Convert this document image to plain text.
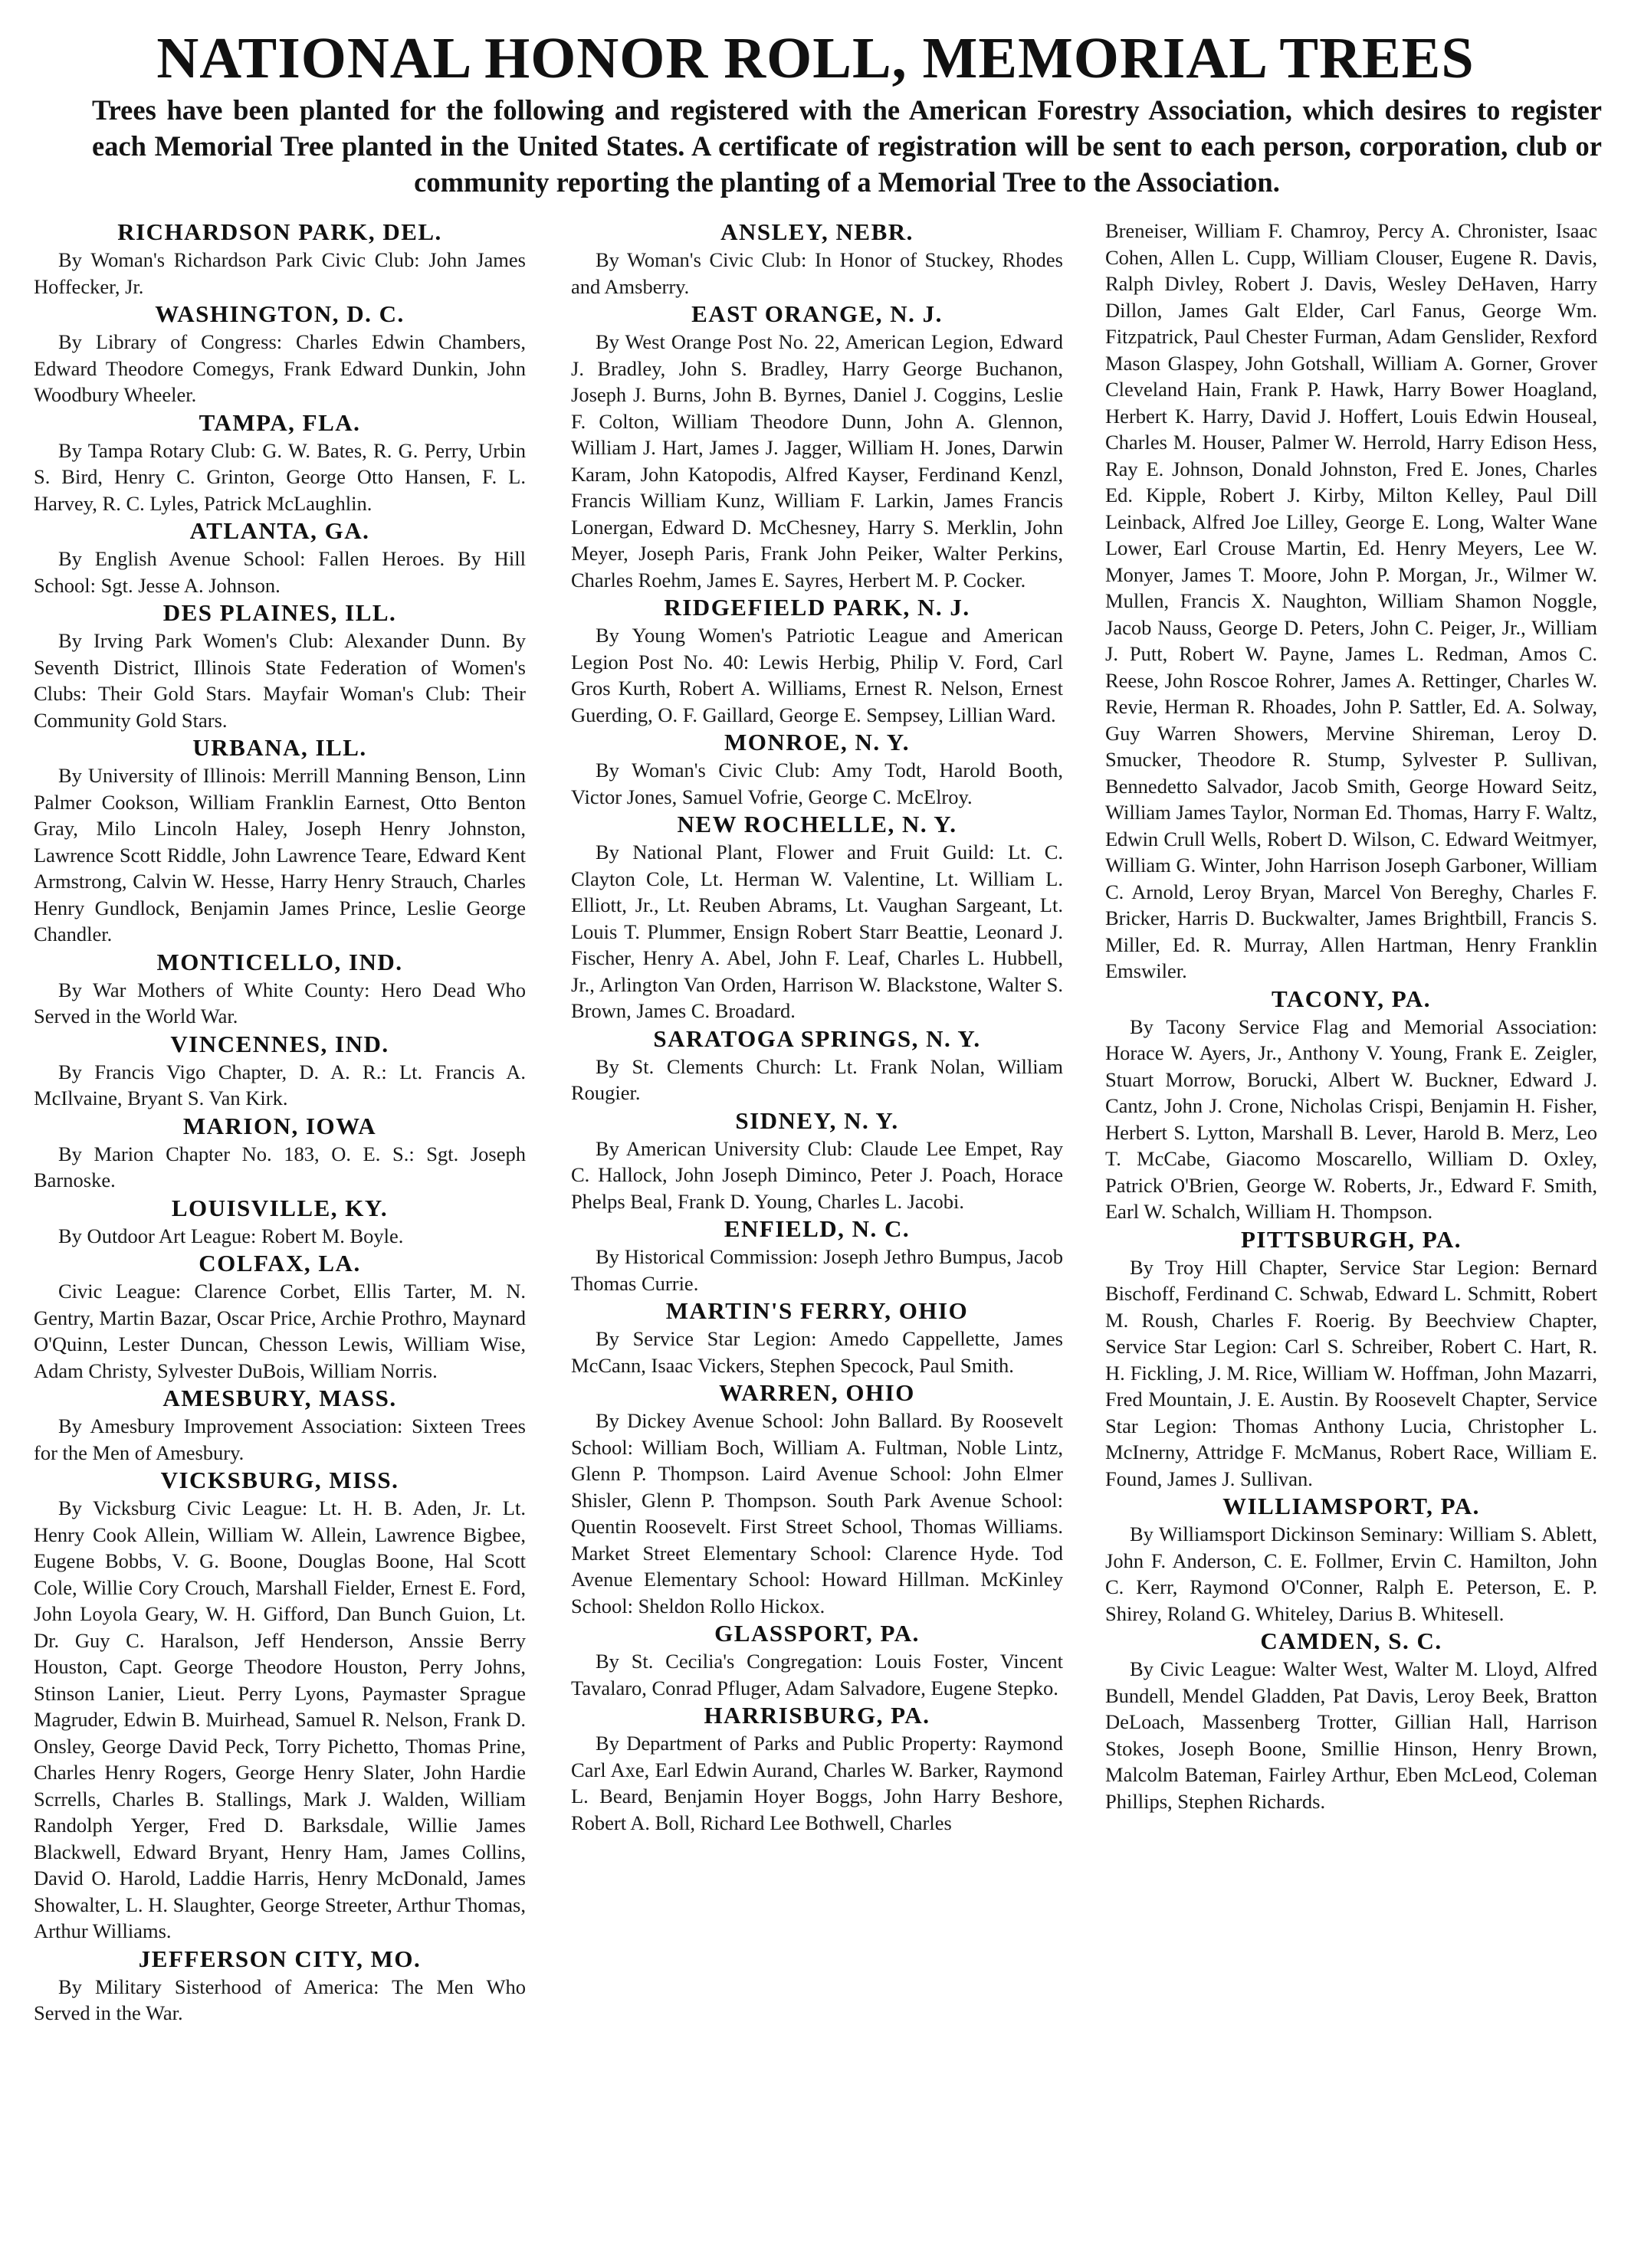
NATIONAL HONOR ROLL, MEMORIAL TREES
Trees have been planted for the following and registered with the American Forestry Association, which desires to register each Memorial Tree planted in the United States. A certificate of registration will be sent to each person, corporation, club or community reporting the planting of a Memorial Tree to the Association.
RICHARDSON PARK, DEL.

By Woman's Richardson Park Civic Club: John James Hoffecker, Jr.

WASHINGTON, D. C.

By Library of Congress: Charles Edwin Chambers, Edward Theodore Comegys, Frank Edward Dunkin, John Woodbury Wheeler.

TAMPA, FLA.

By Tampa Rotary Club: G. W. Bates, R. G. Perry, Urbin S. Bird, Henry C. Grinton, George Otto Hansen, F. L. Harvey, R. C. Lyles, Patrick McLaughlin.

ATLANTA, GA.

By English Avenue School: Fallen Heroes. By Hill School: Sgt. Jesse A. Johnson.

DES PLAINES, ILL.

By Irving Park Women's Club: Alexander Dunn. By Seventh District, Illinois State Federation of Women's Clubs: Their Gold Stars. Mayfair Woman's Club: Their Community Gold Stars.

URBANA, ILL.

By University of Illinois: Merrill Manning Benson, Linn Palmer Cookson, William Franklin Earnest, Otto Benton Gray, Milo Lincoln Haley, Joseph Henry Johnston, Lawrence Scott Riddle, John Lawrence Teare, Edward Kent Armstrong, Calvin W. Hesse, Harry Henry Strauch, Charles Henry Gundlock, Benjamin James Prince, Leslie George Chandler.

MONTICELLO, IND.

By War Mothers of White County: Hero Dead Who Served in the World War.

VINCENNES, IND.

By Francis Vigo Chapter, D. A. R.: Lt. Francis A. McIlvaine, Bryant S. Van Kirk.

MARION, IOWA

By Marion Chapter No. 183, O. E. S.: Sgt. Joseph Barnoske.

LOUISVILLE, KY.

By Outdoor Art League: Robert M. Boyle.

COLFAX, LA.

Civic League: Clarence Corbet, Ellis Tarter, M. N. Gentry, Martin Bazar, Oscar Price, Archie Prothro, Maynard O'Quinn, Lester Duncan, Chesson Lewis, William Wise, Adam Christy, Sylvester DuBois, William Norris.

AMESBURY, MASS.

By Amesbury Improvement Association: Sixteen Trees for the Men of Amesbury.

VICKSBURG, MISS.

By Vicksburg Civic League: Lt. H. B. Aden, Jr. Lt. Henry Cook Allein, William W. Allein, Lawrence Bigbee, Eugene Bobbs, V. G. Boone, Douglas Boone, Hal Scott Cole, Willie Cory Crouch, Marshall Fielder, Ernest E. Ford, John Loyola Geary, W. H. Gifford, Dan Bunch Guion, Lt. Dr. Guy C. Haralson, Jeff Henderson, Anssie Berry Houston, Capt. George Theodore Houston, Perry Johns, Stinson Lanier, Lieut. Perry Lyons, Paymaster Sprague Magruder, Edwin B. Muirhead, Samuel R. Nelson, Frank D. Onsley, George David Peck, Torry Pichetto, Thomas Prine, Charles Henry Rogers, George Henry Slater, John Hardie Scrrells, Charles B. Stallings, Mark J. Walden, William Randolph Yerger, Fred D. Barksdale, Willie James Blackwell, Edward Bryant, Henry Ham, James Collins, David O. Harold, Laddie Harris, Henry McDonald, James Showalter, L. H. Slaughter, George Streeter, Arthur Thomas, Arthur Williams.

JEFFERSON CITY, MO.

By Military Sisterhood of America: The Men Who Served in the War.

ANSLEY, NEBR.

By Woman's Civic Club: In Honor of Stuckey, Rhodes and Amsberry.

EAST ORANGE, N. J.

By West Orange Post No. 22, American Legion, Edward J. Bradley, John S. Bradley, Harry George Buchanon, Joseph J. Burns, John B. Byrnes, Daniel J. Coggins, Leslie F. Colton, William Theodore Dunn, John A. Glennon, William J. Hart, James J. Jagger, William H. Jones, Darwin Karam, John Katopodis, Alfred Kayser, Ferdinand Kenzl, Francis William Kunz, William F. Larkin, James Francis Lonergan, Edward D. McChesney, Harry S. Merklin, John Meyer, Joseph Paris, Frank John Peiker, Walter Perkins, Charles Roehm, James E. Sayres, Herbert M. P. Cocker.

RIDGEFIELD PARK, N. J.

By Young Women's Patriotic League and American Legion Post No. 40: Lewis Herbig, Philip V. Ford, Carl Gros Kurth, Robert A. Williams, Ernest R. Nelson, Ernest Guerding, O. F. Gaillard, George E. Sempsey, Lillian Ward.

MONROE, N. Y.

By Woman's Civic Club: Amy Todt, Harold Booth, Victor Jones, Samuel Vofrie, George C. McElroy.

NEW ROCHELLE, N. Y.

By National Plant, Flower and Fruit Guild: Lt. C. Clayton Cole, Lt. Herman W. Valentine, Lt. William L. Elliott, Jr., Lt. Reuben Abrams, Lt. Vaughan Sargeant, Lt. Louis T. Plummer, Ensign Robert Starr Beattie, Leonard J. Fischer, Henry A. Abel, John F. Leaf, Charles L. Hubbell, Jr., Arlington Van Orden, Harrison W. Blackstone, Walter S. Brown, James C. Broadard.

SARATOGA SPRINGS, N. Y.

By St. Clements Church: Lt. Frank Nolan, William Rougier.

SIDNEY, N. Y.

By American University Club: Claude Lee Empet, Ray C. Hallock, John Joseph Diminco, Peter J. Poach, Horace Phelps Beal, Frank D. Young, Charles L. Jacobi.

ENFIELD, N. C.

By Historical Commission: Joseph Jethro Bumpus, Jacob Thomas Currie.

MARTIN'S FERRY, OHIO

By Service Star Legion: Amedo Cappellette, James McCann, Isaac Vickers, Stephen Specock, Paul Smith.

WARREN, OHIO

By Dickey Avenue School: John Ballard. By Roosevelt School: William Boch, William A. Fultman, Noble Lintz, Glenn P. Thompson. Laird Avenue School: John Elmer Shisler, Glenn P. Thompson. South Park Avenue School: Quentin Roosevelt. First Street School, Thomas Williams. Market Street Elementary School: Clarence Hyde. Tod Avenue Elementary School: Howard Hillman. McKinley School: Sheldon Rollo Hickox.

GLASSPORT, PA.

By St. Cecilia's Congregation: Louis Foster, Vincent Tavalaro, Conrad Pfluger, Adam Salvadore, Eugene Stepko.

HARRISBURG, PA.

By Department of Parks and Public Property: Raymond Carl Axe, Earl Edwin Aurand, Charles W. Barker, Raymond L. Beard, Benjamin Hoyer Boggs, John Harry Beshore, Robert A. Boll, Richard Lee Bothwell, Charles

Breneiser, William F. Chamroy, Percy A. Chronister, Isaac Cohen, Allen L. Cupp, William Clouser, Eugene R. Davis, Ralph Divley, Robert J. Davis, Wesley DeHaven, Harry Dillon, James Galt Elder, Carl Fanus, George Wm. Fitzpatrick, Paul Chester Furman, Adam Genslider, Rexford Mason Glaspey, John Gotshall, William A. Gorner, Grover Cleveland Hain, Frank P. Hawk, Harry Bower Hoagland, Herbert K. Harry, David J. Hoffert, Louis Edwin Houseal, Charles M. Houser, Palmer W. Herrold, Harry Edison Hess, Ray E. Johnson, Donald Johnston, Fred E. Jones, Charles Ed. Kipple, Robert J. Kirby, Milton Kelley, Paul Dill Leinback, Alfred Joe Lilley, George E. Long, Walter Wane Lower, Earl Crouse Martin, Ed. Henry Meyers, Lee W. Monyer, James T. Moore, John P. Morgan, Jr., Wilmer W. Mullen, Francis X. Naughton, William Shamon Noggle, Jacob Nauss, George D. Peters, John C. Peiger, Jr., William J. Putt, Robert W. Payne, James L. Redman, Amos C. Reese, John Roscoe Rohrer, James A. Rettinger, Charles W. Revie, Herman R. Rhoades, John P. Sattler, Ed. A. Solway, Guy Warren Showers, Mervine Shireman, Leroy D. Smucker, Theodore R. Stump, Sylvester P. Sullivan, Bennedetto Salvador, Jacob Smith, George Howard Seitz, William James Taylor, Norman Ed. Thomas, Harry F. Waltz, Edwin Crull Wells, Robert D. Wilson, C. Edward Weitmyer, William G. Winter, John Harrison Joseph Garboner, William C. Arnold, Leroy Bryan, Marcel Von Bereghy, Charles F. Bricker, Harris D. Buckwalter, James Brightbill, Francis S. Miller, Ed. R. Murray, Allen Hartman, Henry Franklin Emswiler.

TACONY, PA.

By Tacony Service Flag and Memorial Association: Horace W. Ayers, Jr., Anthony V. Young, Frank E. Zeigler, Stuart Morrow, Borucki, Albert W. Buckner, Edward J. Cantz, John J. Crone, Nicholas Crispi, Benjamin H. Fisher, Herbert S. Lytton, Marshall B. Lever, Harold B. Merz, Leo T. McCabe, Giacomo Moscarello, William D. Oxley, Patrick O'Brien, George W. Roberts, Jr., Edward F. Smith, Earl W. Schalch, William H. Thompson.

PITTSBURGH, PA.

By Troy Hill Chapter, Service Star Legion: Bernard Bischoff, Ferdinand C. Schwab, Edward L. Schmitt, Robert M. Roush, Charles F. Roerig. By Beechview Chapter, Service Star Legion: Carl S. Schreiber, Robert C. Hart, R. H. Fickling, J. M. Rice, William W. Hoffman, John Mazarri, Fred Mountain, J. E. Austin. By Roosevelt Chapter, Service Star Legion: Thomas Anthony Lucia, Christopher L. McInerny, Attridge F. McManus, Robert Race, William E. Found, James J. Sullivan.

WILLIAMSPORT, PA.

By Williamsport Dickinson Seminary: William S. Ablett, John F. Anderson, C. E. Follmer, Ervin C. Hamilton, John C. Kerr, Raymond O'Conner, Ralph E. Peterson, E. P. Shirey, Roland G. Whiteley, Darius B. Whitesell.

CAMDEN, S. C.

By Civic League: Walter West, Walter M. Lloyd, Alfred Bundell, Mendel Gladden, Pat Davis, Leroy Beek, Bratton DeLoach, Massenberg Trotter, Gillian Hall, Harrison Stokes, Joseph Boone, Smillie Hinson, Henry Brown, Malcolm Bateman, Fairley Arthur, Eben McLeod, Coleman Phillips, Stephen Richards.
